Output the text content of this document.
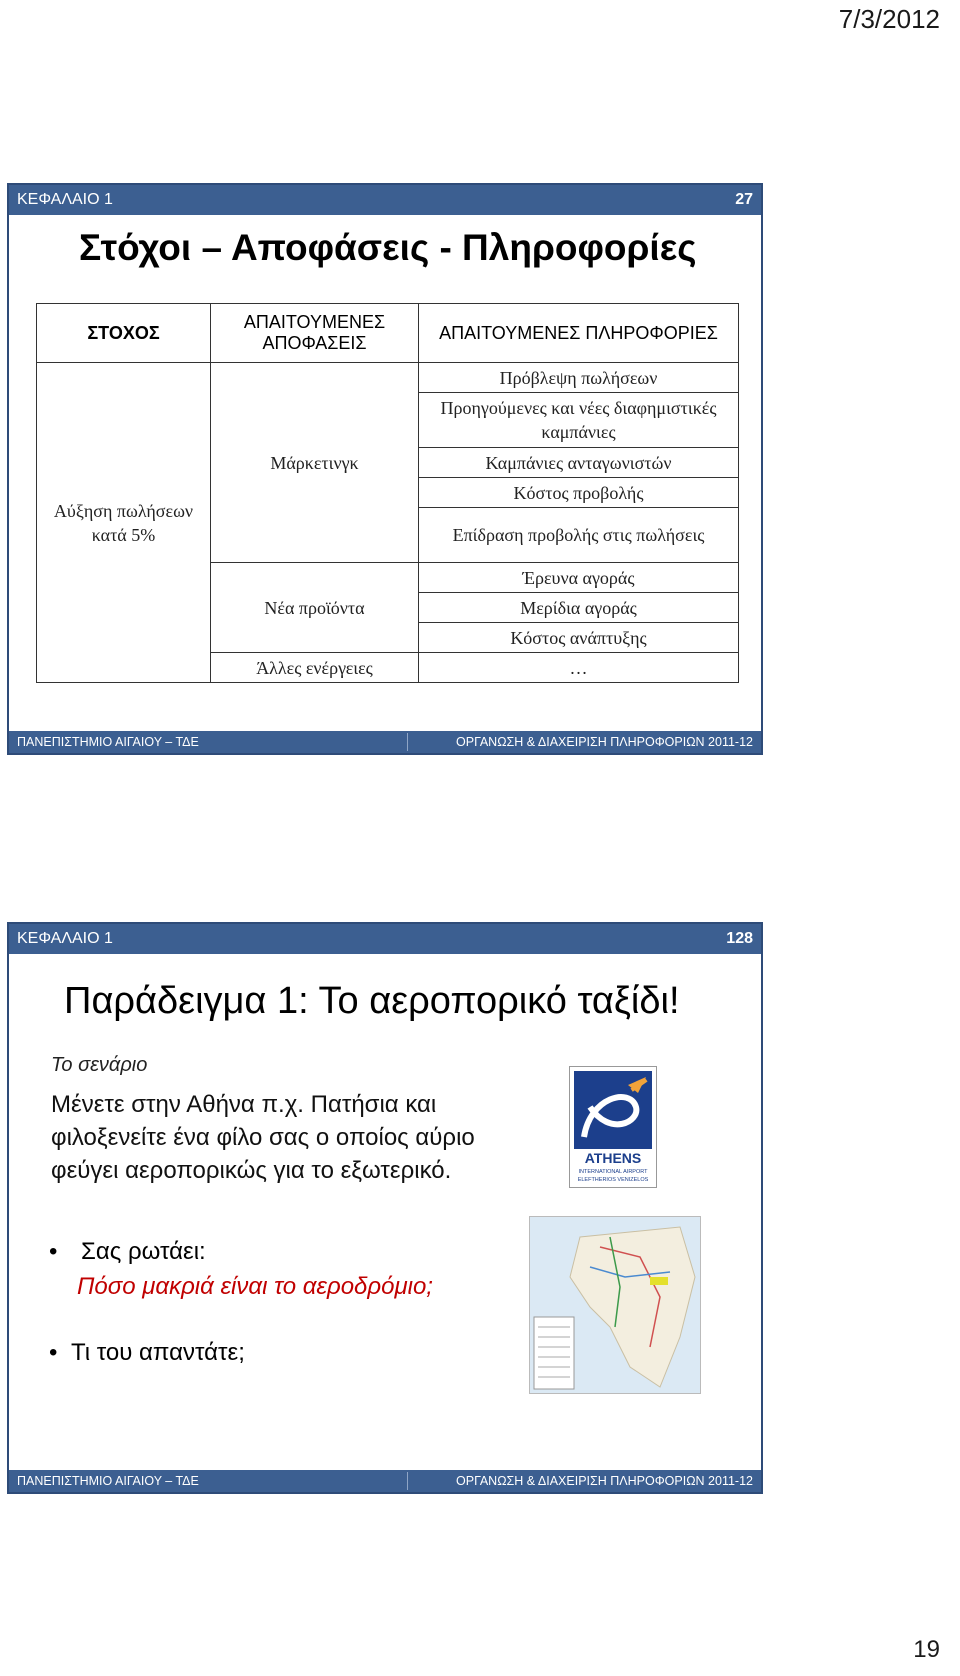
7/3/2012
ΚΕΦΑΛΑΙΟ 1	27
Στόχοι – Αποφάσεις - Πληροφορίες
ΣΤΟΧΟΣ	ΑΠΑΙΤΟΥΜΕΝΕΣ ΑΠΟΦΑΣΕΙΣ	ΑΠΑΙΤΟΥΜΕΝΕΣ ΠΛΗΡΟΦΟΡΙΕΣ
Αύξηση πωλήσεων κατά 5%	Μάρκετινγκ	Πρόβλεψη πωλήσεων
		Προηγούμενες και νέες διαφημιστικές καμπάνιες
		Καμπάνιες ανταγωνιστών
		Κόστος προβολής
		Επίδραση προβολής στις πωλήσεις
	Νέα προϊόντα	Έρευνα αγοράς
		Μερίδια αγοράς
		Κόστος ανάπτυξης
	Άλλες ενέργειες	…
ΠΑΝΕΠΙΣΤΗΜΙΟ ΑΙΓΑΙΟΥ – ΤΔΕ	ΟΡΓΑΝΩΣΗ & ΔΙΑΧΕΙΡΙΣΗ ΠΛΗΡΟΦΟΡΙΩΝ 2011-12
ΚΕΦΑΛΑΙΟ 1	128
Παράδειγμα 1: Το αεροπορικό ταξίδι!
Το σενάριο
Μένετε στην Αθήνα π.χ. Πατήσια και φιλοξενείτε ένα φίλο σας ο οποίος αύριο φεύγει αεροπορικώς για το εξωτερικό.	ATHENS
INTERNATIONAL AIRPORT
ELEFTHERIOS VENIZELOS
• Σας ρωτάει:
Πόσο μακριά είναι το αεροδρόμιο;
• Τι του απαντάτε;
ΠΑΝΕΠΙΣΤΗΜΙΟ ΑΙΓΑΙΟΥ – ΤΔΕ	ΟΡΓΑΝΩΣΗ & ΔΙΑΧΕΙΡΙΣΗ ΠΛΗΡΟΦΟΡΙΩΝ 2011-12
19
